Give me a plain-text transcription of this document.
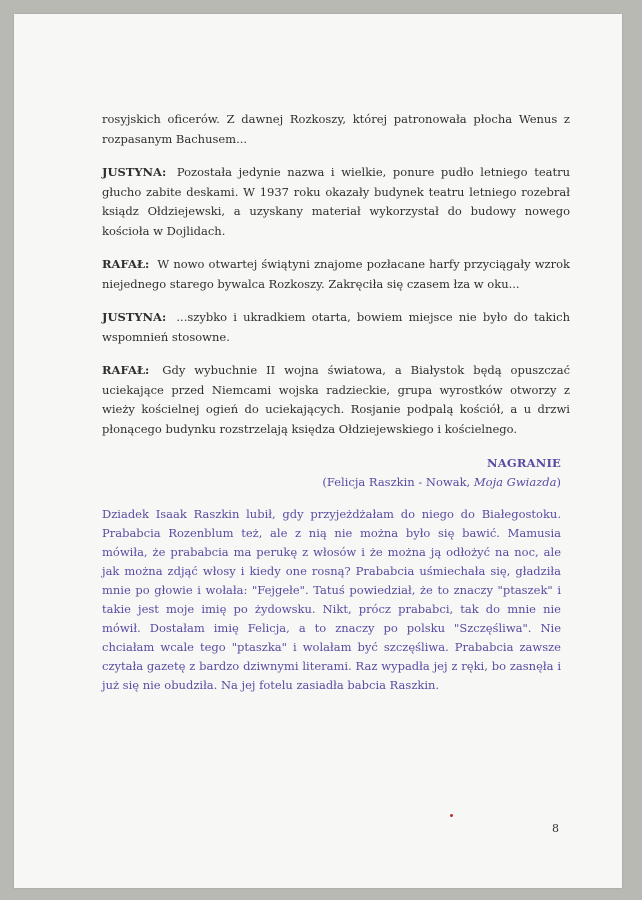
rosyjskich oficerów. Z dawnej Rozkoszy, której patronowała płocha Wenus z rozpasanym Bachusem...

JUSTYNA: Pozostała jedynie nazwa i wielkie, ponure pudło letniego teatru głucho zabite deskami. W 1937 roku okazały budynek teatru letniego rozebrał ksiądz Ołdziejewski, a uzyskany materiał wykorzystał do budowy nowego kościoła w Dojlidach.

RAFAŁ: W nowo otwartej świątyni znajome pozłacane harfy przyciągały wzrok niejednego starego bywalca Rozkoszy. Zakręciła się czasem łza w oku...

JUSTYNA: ...szybko i ukradkiem otarta, bowiem miejsce nie było do takich wspomnień stosowne.

RAFAŁ: Gdy wybuchnie II wojna światowa, a Białystok będą opuszczać uciekające przed Niemcami wojska radzieckie, grupa wyrostków otworzy z wieży kościelnej ogień do uciekających. Rosjanie podpalą kościół, a u drzwi płonącego budynku rozstrzelają księdza Ołdziejewskiego i kościelnego.

NAGRANIE
(Felicja Raszkin - Nowak, Moja Gwiazda)
Dziadek Isaak Raszkin lubił, gdy przyjeżdżałam do niego do Białegostoku. Prababcia Rozenblum też, ale z nią nie można było się bawić. Mamusia mówiła, że prababcia ma perukę z włosów i że można ją odłożyć na noc, ale jak można zdjąć włosy i kiedy one rosną? Prababcia uśmiechała się, gładziła mnie po głowie i wołała: "Fejgełe". Tatuś powiedział, że to znaczy "ptaszek" i takie jest moje imię po żydowsku. Nikt, prócz prababci, tak do mnie nie mówił. Dostałam imię Felicja, a to znaczy po polsku "Szczęśliwa". Nie chciałam wcale tego "ptaszka" i wolałam być szczęśliwa. Prababcia zawsze czytała gazetę z bardzo dziwnymi literami. Raz wypadła jej z ręki, bo zasnęła i już się nie obudziła. Na jej fotelu zasiadła babcia Raszkin.
8
